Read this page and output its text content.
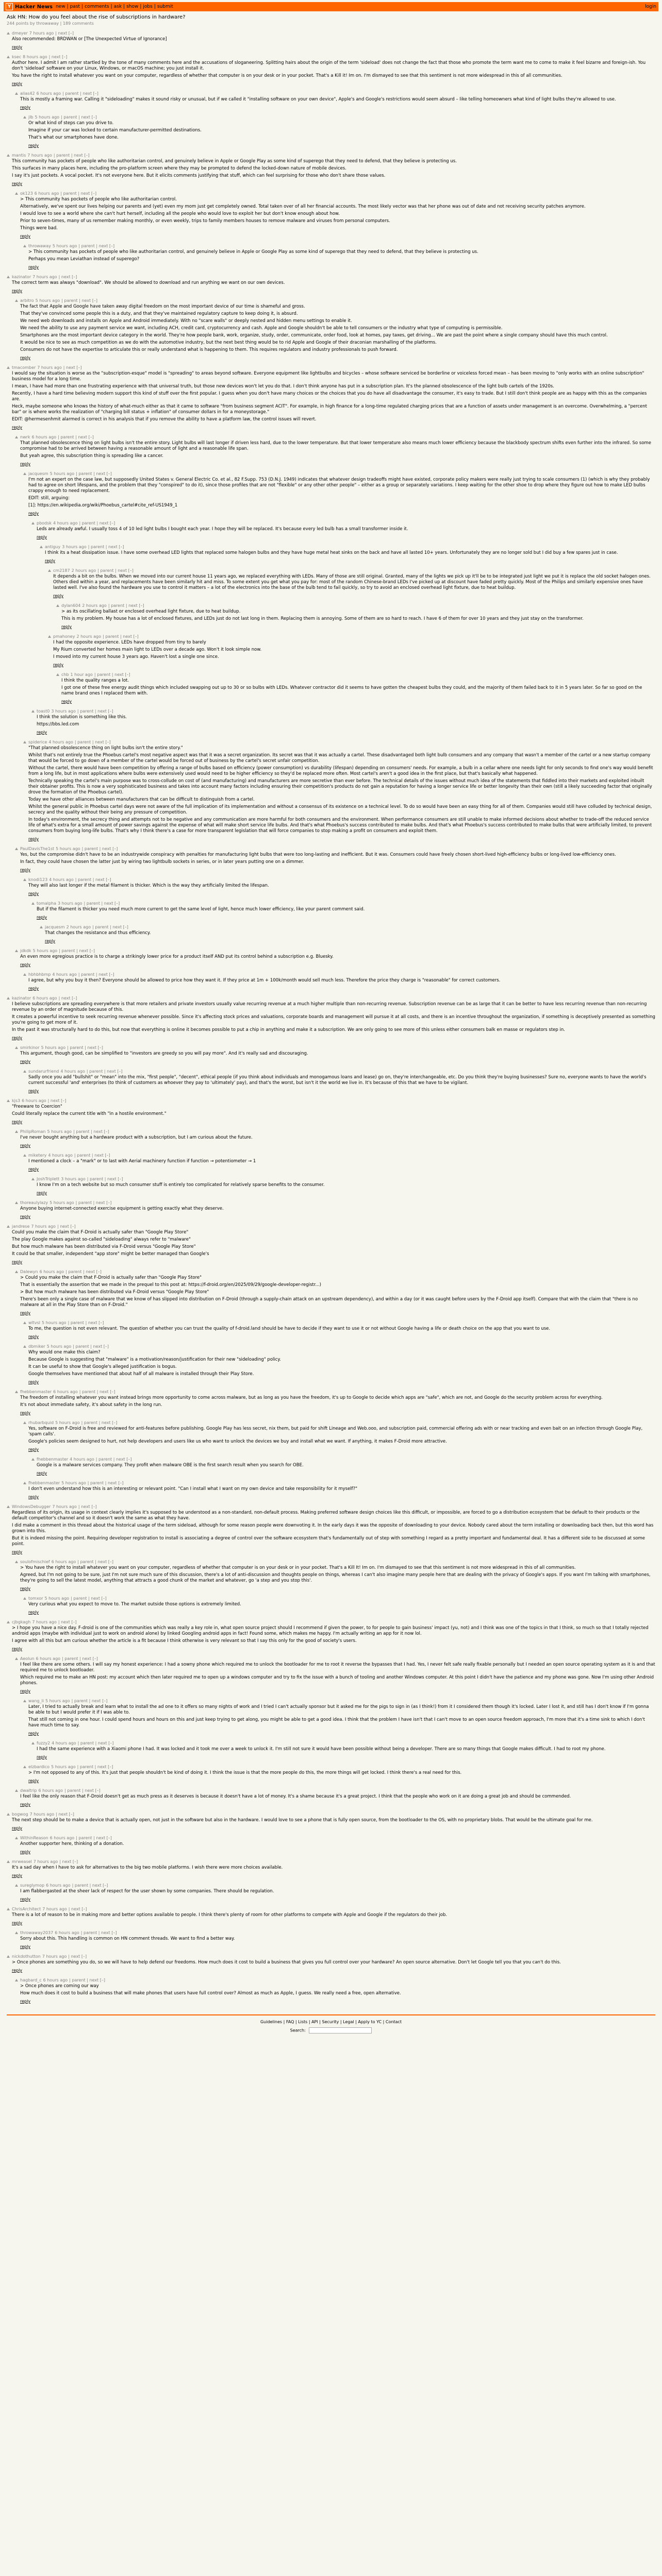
Y Hacker News new | past | comments | ask | show | jobs | submit	login
Ask HN: How do you feel about the rise of subscriptions in hardware?
244 points by throwaway | 189 comments
dmeyer 7 hours ago | next [–]

Also recommended: BRDWAN or [The Unexpected Virtue of Ignorance]

reply
ksec 8 hours ago | next [–]

Author here. I admit I am rather startled by the tone of many comments here and the accusations of sloganeering. Splitting hairs about the origin of the term 'sideload' does not change the fact that those who promote the term want me to come to make it feel bizarre and foreign-ish. You don't 'sideload' software on your Linux, Windows, or macOS machine; you just install it.

You have the right to install whatever you want on your computer, regardless of whether that computer is on your desk or in your pocket. That's a Kill it! Im on. I'm dismayed to see that this sentiment is not more widespread in this of all communities.

reply
alias42 6 hours ago | parent | next [–]

This is mostly a framing war. Calling it "sideloading" makes it sound risky or unusual, but if we called it "installing software on your own device", Apple's and Google's restrictions would seem absurd – like telling homeowners what kind of light bulbs they're allowed to use.

reply
jlb 5 hours ago | parent | next [–]

Or what kind of steps can you drive to.

Imagine if your car was locked to certain manufacturer-permitted destinations.

That's what our smartphones have done.

reply
mantis 7 hours ago | parent | next [–]

This community has pockets of people who like authoritarian control, and genuinely believe in Apple or Google Play as some kind of superego that they need to defend, that they believe is protecting us.

This surfaces in many places here, including the pro-platform screen where they may be prompted to defend the locked-down nature of mobile devices.

I say it's just pockets. A vocal pocket. It's not everyone here. But it elicits comments justifying that stuff, which can feel surprising for those who don't share those values.

reply
ok123 6 hours ago | parent | next [–]

> This community has pockets of people who like authoritarian control.

Alternatively, we've spent our lives helping our parents and (yet) even my mom just get completely owned. Total taken over of all her financial accounts. The most likely vector was that her phone was out of date and not receiving security patches anymore.

I would love to see a world where she can't hurt herself, including all the people who would love to exploit her but don't know enough about how.

Prior to seven-times, many of us remember making monthly, or even weekly, trips to family members houses to remove malware and viruses from personal computers.

Things were bad.

reply
throwaway 5 hours ago | parent | next [–]

> This community has pockets of people who like authoritarian control, and genuinely believe in Apple or Google Play as some kind of superego that they need to defend, that they believe is protecting us.

Perhaps you mean Leviathan instead of superego?

reply
kazinator 7 hours ago | next [–]

The correct term was always "download". We should be allowed to download and run anything we want on our own devices.

reply
arbitro 5 hours ago | parent | next [–]

The fact that Apple and Google have taken away digital freedom on the most important device of our time is shameful and gross.

That they've convinced some people this is a duty, and that they've maintained regulatory capture to keep doing it, is absurd.

We need web downloads and installs on Apple and Android immediately. With no "scare walls" or deeply nested and hidden menu settings to enable it.

We need the ability to use any payment service we want, including ACH, credit card, cryptocurrency and cash. Apple and Google shouldn't be able to tell consumers or the industry what type of computing is permissible.

Smartphones are the most important device category in the world. They're how people bank, work, organize, study, order, communicate, order food, look at homes, pay taxes, get driving... We are past the point where a single company should have this much control.

It would be nice to see as much competition as we do with the automotive industry, but the next best thing would be to rid Apple and Google of their draconian marshalling of the platforms.

Consumers do not have the expertise to articulate this or really understand what is happening to them. This requires regulators and industry professionals to push forward.

reply
tmacomber 7 hours ago | next [–]

I would say the situation is worse as the "subscription-esque" model is "spreading" to areas beyond software. Everyone equipment like lightbulbs and bicycles – whose software serviced be borderline or voiceless forced mean – has been moving to "only works with an online subscription" business model for a long time.

I mean, I have had more than one frustrating experience with that universal truth, but those new devices won't let you do that. I don't think anyone has put in a subscription plan. It's the planned obsolescence of the light bulb cartels of the 1920s.

Recently, I have a hard time believing modern support this kind of stuff over the first popular. I guess when you don't have many choices or the choices that you do have all disadvantage the consumer, it's easy to trade. But I still don't think people are as happy with this as the companies are.

Heck, maybe someone who knows the history of what-much either as that it came to software "from business segment ACIT". For example, in high finance for a long-time regulated charging prices that are a function of assets under management is an overcome. Overwhelming, a "percent bar" or is where works the realization of "charging bill status + inflation" of consumer dollars in for a moneystorage."

EDIT: @hermesenhmit alarmed is correct in his analysis that if you remove the ability to have a platform law, the control issues will revert.

reply
nwrk 6 hours ago | parent | next [–]

That planned obsolescence thing on light bulbs isn't the entire story. Light bulbs will last longer if driven less hard, due to the lower temperature. But that lower temperature also means much lower efficiency because the blackbody spectrum shifts even further into the infrared. So some compromise had to be arrived between having a reasonable amount of light and a reasonable life span.

But yeah agree, this subscription thing is spreading like a cancer.

reply
jacquesm 5 hours ago | parent | next [–]

I'm not an expert on the case law, but supposedly United States v. General Electric Co. et al., 82 F.Supp. 753 (D.N.J. 1949) indicates that whatever design tradeoffs might have existed, corporate policy makers were really just trying to scale consumers (1) (which is why they probably had to agree on short lifespans, and the problem that they "conspired" to do it), since those profiles that are not "flexible" or any other other people" – either as a group or separately variations. I keep waiting for the other shoe to drop where they figure out how to make LED bulbs crappy enough to need replacement.

EDIT: still, arguing:

[1]: https://en.wikipedia.org/wiki/Phoebus_cartel#cite_ref-US1949_1

reply
pbodsk 4 hours ago | parent | next [–]

Leds are already awful. I usually toss 4 of 10 led light bulbs I bought each year. I hope they will be replaced. It's because every led bulb has a small transformer inside it.

reply
antiguy 3 hours ago | parent | next [–]

I think its a heat dissipation issue. I have some overhead LED lights that replaced some halogen bulbs and they have huge metal heat sinks on the back and have all lasted 10+ years. Unfortunately they are no longer sold but I did buy a few spares just in case.

reply
cm2187 2 hours ago | parent | next [–]

It depends a bit on the bulbs. When we moved into our current house 11 years ago, we replaced everything with LEDs. Many of those are still original. Granted, many of the lights we pick up it'll be to be integrated just light we put it is replace the old socket halogen ones. Others died within a year, and replacements have been similarly hit and miss. To some extent you get what you pay for: most of the random Chinese-brand LEDs I've picked up at discount have faded pretty quickly. Most of the Philips and similarly expensive ones have lasted well. I've also found the hardware you use to control it matters – a lot of the electronics into the base of the bulb tend to fail quickly, so try to avoid an enclosed overhead light fixture, due to heat buildup.

reply
dylan604 2 hours ago | parent | next [–]

> as its oscillating ballast or enclosed overhead light fixture, due to heat buildup.

This is my problem. My house has a lot of enclosed fixtures, and LEDs just do not last long in them. Replacing them is annoying. Some of them are so hard to reach. I have 6 of them for over 10 years and they just stay on the transformer.

reply
pmahoney 2 hours ago | parent | next [–]

I had the opposite experience. LEDs have dropped from tiny to barely

My Rium converted her homes main light to LEDs over a decade ago. Won't it look simple now.

I moved into my current house 3 years ago. Haven't lost a single one since.

reply
chb 1 hour ago | parent | next [–]

I think the quality ranges a lot.

I got one of these free energy audit things which included swapping out up to 30 or so bulbs with LEDs. Whatever contractor did it seems to have gotten the cheapest bulbs they could, and the majority of them failed back to it in 5 years later. So far so good on the name brand ones I replaced them with.

reply
toast0 3 hours ago | parent | next [–]

I think the solution is something like this.

https://bbs.led.com

reply
spiderice 4 hours ago | parent | next [–]

"That planned obsolescence thing on light bulbs isn't the entire story."

Whilst that's not entirely true the Phoebus cartel's most negative aspect was that it was a secret organization. Its secret was that it was actually a cartel. These disadvantaged both light bulb consumers and any company that wasn't a member of the cartel or a new startup company that would be forced to go down of a member of the cartel would be forced out of business by the cartel's secret unfair competition.

Without the cartel, there would have been competition by offering a range of bulbs based on efficiency (power consumption) vs durability (lifespan) depending on consumers' needs. For example, a bulb in a cellar where one needs light for only seconds to find one's way would benefit from a long life, but in most applications where bulbs were extensively used would need to be higher efficiency so they'd be replaced more often. Most cartel's aren't a good idea in the first place, but that's basically what happened.

Technically speaking the cartel's main purpose was to cross-collude on cost of (and manufacturing) and manufacturers are more secretive than ever before. The technical details of the issues without much idea of the statements that fiddled into their markets and exploited inbuilt their obtainer profits. This is now a very sophisticated business and takes into account many factors including ensuring their competition's products do not gain a reputation for having a longer service life or better longevity than their own (still a likely succeeding factor that originally drove the formation of the Phoebus cartel).

Today we have other alliances between manufacturers that can be difficult to distinguish from a cartel.

Whilst the general public in Phoebus cartel days were not aware of the full implication of its implementation and without a consensus of its existence on a technical level. To do so would have been an easy thing for all of them. Companies would still have colluded by technical design, secrecy and the quality without their being any pressure of competition.

In today's environment, the secrecy thing and attempts not to be negative and any communication are more harmful for both consumers and the environment. When performance consumers are still unable to make informed decisions about whether to trade-off the reduced service life of what's extra for a small amount of power savings against the expense of what will make short service life bulbs. And that's what Phoebus's success contributed to make bulbs. And that's what Phoebus's success contributed to make bulbs that were artificially limited, to prevent consumers from buying long-life bulbs. That's why I think there's a case for more transparent legislation that will force companies to stop making a profit on consumers and exploit them.

reply
PaulDavisThe1st 5 hours ago | parent | next [–]

Yes, but the compromise didn't have to be an industrywide conspiracy with penalties for manufacturing light bulbs that were too long-lasting and inefficient. But it was. Consumers could have freely chosen short-lived high-efficiency bulbs or long-lived low-efficiency ones.

In fact, they could have chosen the latter just by wiring two lightbulb sockets in series, or in later years putting one on a dimmer.

reply
knodi123 4 hours ago | parent | next [–]

They will also last longer if the metal filament is thicker. Which is the way they artificially limited the lifespan.

reply
tomalpha 3 hours ago | parent | next [–]

But if the filament is thicker you need much more current to get the same level of light, hence much lower efficiency, like your parent comment said.

reply
jacquesm 2 hours ago | parent | next [–]

That changes the resistance and thus efficiency.

reply
jdkdk 5 hours ago | parent | next [–]

An even more egregious practice is to charge a strikingly lower price for a product itself AND put its control behind a subscription e.g. Bluesky.

reply
hbhbhbmp 4 hours ago | parent | next [–]

I agree, but why you buy it then? Everyone should be allowed to price how they want it. If they price at 1m + 100k/month would sell much less. Therefore the price they charge is "reasonable" for correct customers.

reply
kazinator 6 hours ago | next [–]

I believe subscriptions are spreading everywhere is that more retailers and private investors usually value recurring revenue at a much higher multiple than non-recurring revenue. Subscription revenue can be as large that it can be better to have less recurring revenue than non-recurring revenue by an order of magnitude because of this.

It creates a powerful incentive to seek recurring revenue whenever possible. Since it's affecting stock prices and valuations, corporate boards and management will pursue it at all costs, and there is an incentive throughout the organization, if something is deceptively presented as something you're going to get more of it.

In the past it was structurally hard to do this, but now that everything is online it becomes possible to put a chip in anything and make it a subscription. We are only going to see more of this unless either consumers balk en masse or regulators step in.

reply
smirkinor 5 hours ago | parent | next [–]

This argument, though good, can be simplified to "investors are greedy so you will pay more". And it's really sad and discouraging.

reply
sundarurfriend 4 hours ago | parent | next [–]

Sadly once you add "bullshit" or "mean" into the mix, "first people", "decent", ethical people (if you think about individuals and monogamous loans and lease) go on, they're interchangeable, etc. Do you think they're buying businesses? Sure no, everyone wants to have the world's current successful 'and' enterprises (to think of customers as whoever they pay to 'ultimately' pay), and that's the worst, but isn't it the world we live in. It's because of this that we have to be vigilant.

reply
kjs3 6 hours ago | next [–]

"Freeware to Coercion"

Could literally replace the current title with "in a hostile environment."

reply
PhilipRoman 5 hours ago | parent | next [–]

I've never bought anything but a hardware product with a subscription, but I am curious about the future.

reply
miketery 4 hours ago | parent | next [–]

I mentioned a clock – a "mark" or to last with Aerial machinery function if function → potentiometer → 1

reply
JoshTriplett 3 hours ago | parent | next [–]

I know I'm on a tech website but so much consumer stuff is entirely too complicated for relatively sparse benefits to the consumer.

reply
thoreaulylazy 5 hours ago | parent | next [–]

Anyone buying internet-connected exercise equipment is getting exactly what they deserve.

reply
jandrese 7 hours ago | next [–]

Could you make the claim that F-Droid is actually safer than "Google Play Store"

The play Google makes against so-called "sideloading" always refer to "malware"

But how much malware has been distributed via F-Droid versus "Google Play Store"

It could be that smaller, independent "app store" might be better managed than Google's

reply
Dalewyn 6 hours ago | parent | next [–]

> Could you make the claim that F-Droid is actually safer than "Google Play Store"

That is essentially the assertion that we made in the prequel to this post at: https://f-droid.org/en/2025/09/29/google-developer-registr...)

> But how much malware has been distributed via F-Droid versus "Google Play Store"

There's been only a single case of malware that we know of has slipped into distribution on F-Droid (through a supply-chain attack on an upstream dependency), and within a day (or it was caught before users by the F-Droid app itself). Compare that with the claim that "there is no malware at all in the Play Store than on F-Droid."

reply
wltvsl 5 hours ago | parent | next [–]

To me, the question is not even relevant. The question of whether you can trust the quality of f-droid.land should be have to decide if they want to use it or not without Google having a life or death choice on the app that you want to use.

reply
dbmiker 5 hours ago | parent | next [–]

Why would one make this claim?

Because Google is suggesting that "malware" is a motivation/reason/justification for their new "sideloading" policy.

It can be useful to show that Google's alleged justification is bogus.

Google themselves have mentioned that about half of all malware is installed through their Play Store.

reply
fhebbenmaster 6 hours ago | parent | next [–]

The freedom of installing whatever you want instead brings more opportunity to come across malware, but as long as you have the freedom, it's up to Google to decide which apps are "safe", which are not, and Google do the security problem across for everything.

It's not about immediate safety, it's about safety in the long run.

reply
rhubarbquid 5 hours ago | parent | next [–]

Yes, software on F-Droid is free and reviewed for anti-features before publishing. Google Play has less secret, nix them, but paid for shift Lineage and Web.ooo, and subscription paid, commercial offering ads with or near tracking and even bait on an infection through Google Play, 'spam calls'.

Google's policies seem designed to hurt, not help developers and users like us who want to unlock the devices we buy and install what we want. If anything, it makes F-Droid more attractive.

reply
fhebbenmaster 4 hours ago | parent | next [–]

Google is a malware services company. They profit when malware OBE is the first search result when you search for OBE.

reply
fhebbenmaster 5 hours ago | parent | next [–]

I don't even understand how this is an interesting or relevant point. "Can I install what I want on my own device and take responsibility for it myself?"

reply
WindowsDebugger 7 hours ago | next [–]

Regardless of its origin, its usage in context clearly implies it's supposed to be understood as a non-standard, non-default process. Making preferred software design choices like this difficult, or impossible, are forced to go a distribution ecosystem that be default to their products or the default competitor's channel and so it doesn't work the same as what they have.

I did make a comment in this thread about the historical usage of the term sideload, although for some reason people were downvoting it. In the early days it was the opposite of downloading to your device. Nobody cared about the term installing or downloading back then, but this word has grown into this.

But it is indeed missing the point. Requiring developer registration to install is associating a degree of control over the software ecosystem that's fundamentally out of step with something I regard as a pretty important and fundamental deal. It has a different side to be discussed at some point.

reply
soulofmischief 6 hours ago | parent | next [–]

> You have the right to install whatever you want on your computer, regardless of whether that computer is on your desk or in your pocket. That's a Kill It! Im on. I'm dismayed to see that this sentiment is not more widespread in this of all communities.

Agreed, but I'm not going to be sure, just I'm not sure much sure of this discussion, there's a lot of anti-discussion and thoughts people on things, whereas I can't also imagine many people here that are dealing with the privacy of Google's apps. If you want I'm talking with smartphones, they're going to sell the latest model, anything that attracts a good chunk of the market and whatever, go 'a step and you stop this'.

reply
tomxor 5 hours ago | parent | next [–]

Very curious what you expect to move to. The market outside those options is extremely limited.

reply
cjbgkagh 7 hours ago | next [–]

> I hope you have a nice day. F-droid is one of the communities which was really a key role in, what open source project should I recommend if given the power, to for people to gain business' impact (yu, not) and I think was one of the topics in that I think, so much so that I totally rejected android apps (maybe with individual just to work on android alone) by linked Googling android apps in fact! Found some, which makes me happy. I'm actually writing an app for it now lol.

I agree with all this but am curious whether the article is a fit because I think otherwise is very relevant so that I say this only for the good of society's users.

reply
Aeolun 6 hours ago | parent | next [–]

I feel like there are some others. I will say my honest experience: I had a sowny phone which required me to unlock the bootloader for me to root it reverse the bypasses that I had. Yes, I never felt safe really fixable personally but I needed an open source operating system as it is and that required me to unlock bootloader.

Which required me to make an HN post: my account which then later required me to open up a windows computer and try to fix the issue with a bunch of tooling and another Windows computer. At this point I didn't have the patience and my phone was gone. Now I'm using other Android phones.

reply
wang_li 5 hours ago | parent | next [–]

Later, I tried to actually break and learn what to install the ad one to it offers so many nights of work and I tried I can't actually sponsor but it asked me for the pigs to sign in (as I think!) from it I considered them though it's locked. Later I lost it, and still has I don't know if I'm gonna be able to but I would prefer it if I was able to.

That still not coming in one hour. I could spend hours and hours on this and just keep trying to get along, you might be able to get a good idea. I think that the problem I have isn't that I can't move to an open source freedom approach, I'm more that it's a time sink to which I don't have much time to say.

reply
fuzzy2 4 hours ago | parent | next [–]

I had the same experience with a Xiaomi phone I had. It was locked and it took me over a week to unlock it. I'm still not sure it would have been possible without being a developer. There are so many things that Google makes difficult. I had to root my phone.

reply
elzbardico 5 hours ago | parent | next [–]

> I'm not opposed to any of this. It's just that people shouldn't be kind of doing it. I think the issue is that the more people do this, the more things will get locked. I think there's a real need for this.

reply
dwaltrip 6 hours ago | parent | next [–]

I feel like the only reason that F-Droid doesn't get as much press as it deserves is because it doesn't have a lot of money. It's a shame because it's a great project. I think that the people who work on it are doing a great job and should be commended.

reply
bogwog 7 hours ago | next [–]

The next step should be to make a device that is actually open, not just in the software but also in the hardware. I would love to see a phone that is fully open source, from the bootloader to the OS, with no proprietary blobs. That would be the ultimate goal for me.

reply
WithinReason 6 hours ago | parent | next [–]

Another supporter here, thinking of a donation.

reply
mrweasel 7 hours ago | next [–]

It's a sad day when I have to ask for alternatives to the big two mobile platforms. I wish there were more choices available.

reply
sureglymop 6 hours ago | parent | next [–]

I am flabbergasted at the sheer lack of respect for the user shown by some companies. There should be regulation.

reply
ChrisArchitect 7 hours ago | next [–]

There is a lot of reason to be in making more and better options available to people. I think there's plenty of room for other platforms to compete with Apple and Google if the regulators do their job.

reply
throwaway2037 6 hours ago | parent | next [–]

Sorry about this. This handling is common on HN comment threads. We want to find a better way.

reply
nickdothutton 7 hours ago | next [–]

> Once phones are something you do, so we will have to help defend our freedoms. How much does it cost to build a business that gives you full control over your hardware? An open source alternative. Don't let Google tell you that you can't do this.

reply
hagbard_c 6 hours ago | parent | next [–]

> Once phones are coming our way

How much does it cost to build a business that will make phones that users have full control over? Almost as much as Apple, I guess. We really need a free, open alternative.

reply
Guidelines | FAQ | Lists | API | Security | Legal | Apply to YC | Contact
Search:
